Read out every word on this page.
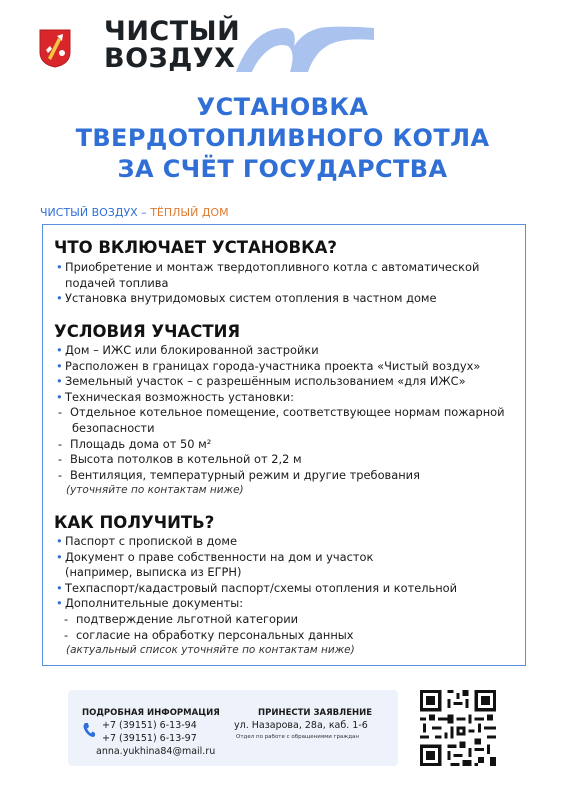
ЧИСТЫЙ
ВОЗДУХ
УСТАНОВКА
ТВЕРДОТОПЛИВНОГО КОТЛА
ЗА СЧЁТ ГОСУДАРСТВА
ЧИСТЫЙ ВОЗДУХ – ТЁПЛЫЙ ДОМ
ЧТО ВКЛЮЧАЕТ УСТАНОВКА?
• Приобретение и монтаж твердотопливного котла с автоматической
подачей топлива
• Установка внутридомовых систем отопления в частном доме
УСЛОВИЯ УЧАСТИЯ
• Дом – ИЖС или блокированной застройки
• Расположен в границах города-участника проекта «Чистый воздух»
• Земельный участок – с разрешённым использованием «для ИЖС»
• Техническая возможность установки:
- Отдельное котельное помещение, соответствующее нормам пожарной
безопасности
- Площадь дома от 50 м²
- Высота потолков в котельной от 2,2 м
- Вентиляция, температурный режим и другие требования
(уточняйте по контактам ниже)
КАК ПОЛУЧИТЬ?
• Паспорт с пропиской в доме
• Документ о праве собственности на дом и участок
(например, выписка из ЕГРН)
• Техпаспорт/кадастровый паспорт/схемы отопления и котельной
• Дополнительные документы:
- подтверждение льготной категории
- согласие на обработку персональных данных
(актуальный список уточняйте по контактам ниже)
ПОДРОБНАЯ ИНФОРМАЦИЯ
+7 (39151) 6-13-94
+7 (39151) 6-13-97
anna.yukhina84@mail.ru
ПРИНЕСТИ ЗАЯВЛЕНИЕ
ул. Назарова, 28а, каб. 1-6
Отдел по работе с обращениями граждан
